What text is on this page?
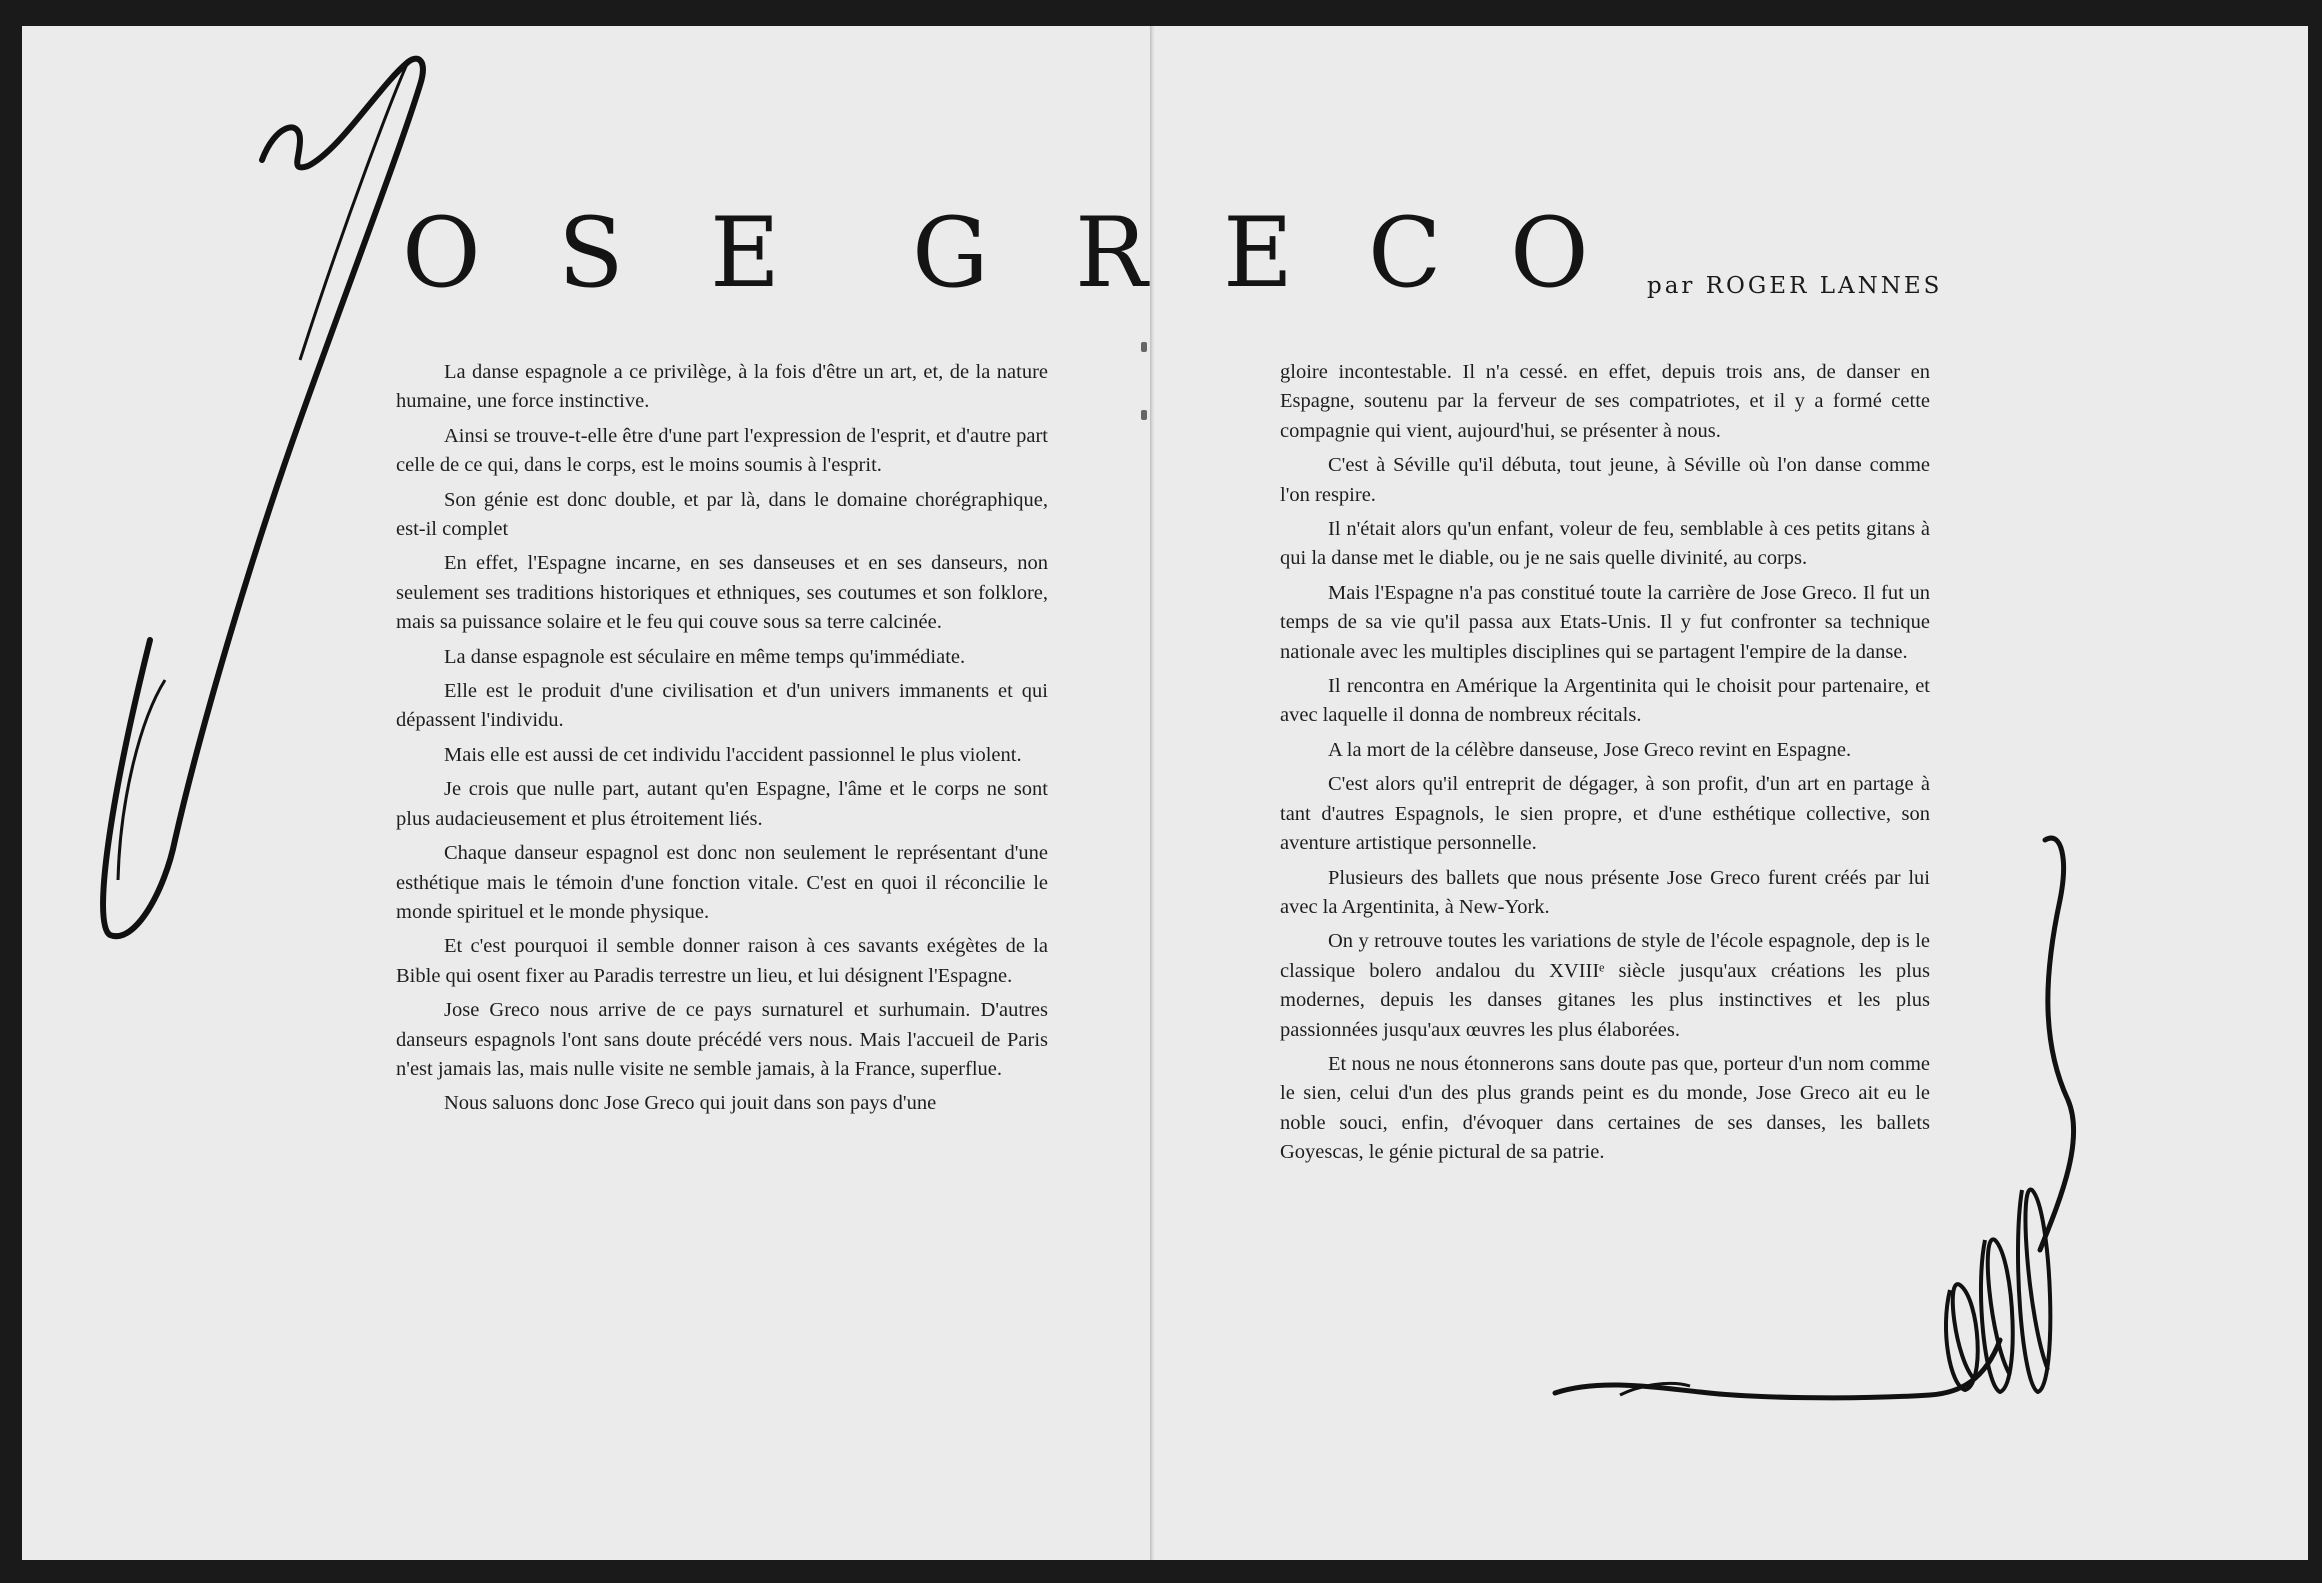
O S E G R E C O	par ROGER LANNES

La danse espagnole a ce privilège, à la fois d'être un art, et, de la nature humaine, une force instinctive.

Ainsi se trouve-t-elle être d'une part l'expression de l'esprit, et d'autre part celle de ce qui, dans le corps, est le moins soumis à l'esprit.

Son génie est donc double, et par là, dans le domaine chorégraphique, est-il complet

En effet, l'Espagne incarne, en ses danseuses et en ses danseurs, non seulement ses traditions historiques et ethniques, ses coutumes et son folklore, mais sa puissance solaire et le feu qui couve sous sa terre calcinée.

La danse espagnole est séculaire en même temps qu'immédiate.

Elle est le produit d'une civilisation et d'un univers immanents et qui dépassent l'individu.

Mais elle est aussi de cet individu l'accident passionnel le plus violent.

Je crois que nulle part, autant qu'en Espagne, l'âme et le corps ne sont plus audacieusement et plus étroitement liés.

Chaque danseur espagnol est donc non seulement le représentant d'une esthétique mais le témoin d'une fonction vitale. C'est en quoi il réconcilie le monde spirituel et le monde physique.

Et c'est pourquoi il semble donner raison à ces savants exégètes de la Bible qui osent fixer au Paradis terrestre un lieu, et lui désignent l'Espagne.

Jose Greco nous arrive de ce pays surnaturel et surhumain. D'autres danseurs espagnols l'ont sans doute précédé vers nous. Mais l'accueil de Paris n'est jamais las, mais nulle visite ne semble jamais, à la France, superflue.

Nous saluons donc Jose Greco qui jouit dans son pays d'une

gloire incontestable. Il n'a cessé. en effet, depuis trois ans, de danser en Espagne, soutenu par la ferveur de ses compatriotes, et il y a formé cette compagnie qui vient, aujourd'hui, se présenter à nous.

C'est à Séville qu'il débuta, tout jeune, à Séville où l'on danse comme l'on respire.

Il n'était alors qu'un enfant, voleur de feu, semblable à ces petits gitans à qui la danse met le diable, ou je ne sais quelle divinité, au corps.

Mais l'Espagne n'a pas constitué toute la carrière de Jose Greco. Il fut un temps de sa vie qu'il passa aux Etats-Unis. Il y fut confronter sa technique nationale avec les multiples disciplines qui se partagent l'empire de la danse.

Il rencontra en Amérique la Argentinita qui le choisit pour partenaire, et avec laquelle il donna de nombreux récitals.

A la mort de la célèbre danseuse, Jose Greco revint en Espagne.

C'est alors qu'il entreprit de dégager, à son profit, d'un art en partage à tant d'autres Espagnols, le sien propre, et d'une esthétique collective, son aventure artistique personnelle.

Plusieurs des ballets que nous présente Jose Greco furent créés par lui avec la Argentinita, à New-York.

On y retrouve toutes les variations de style de l'école espagnole, dep is le classique bolero andalou du XVIIIᵉ siècle jusqu'aux créations les plus modernes, depuis les danses gitanes les plus instinctives et les plus passionnées jusqu'aux œuvres les plus élaborées.

Et nous ne nous étonnerons sans doute pas que, porteur d'un nom comme le sien, celui d'un des plus grands peint es du monde, Jose Greco ait eu le noble souci, enfin, d'évoquer dans certaines de ses danses, les ballets Goyescas, le génie pictural de sa patrie.
